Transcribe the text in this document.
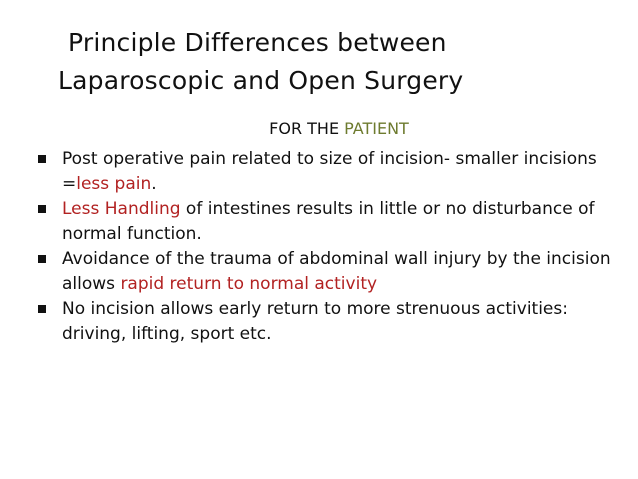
Principle Differences between
Laparoscopic and Open Surgery
FOR THE PATIENT
Post operative pain related to size of incision- smaller incisions =less pain.
Less Handling of intestines results in little or no disturbance of normal function.
Avoidance of the trauma of abdominal wall injury by the incision allows rapid return to normal activity
No incision allows early return to more strenuous activities: driving, lifting, sport etc.
